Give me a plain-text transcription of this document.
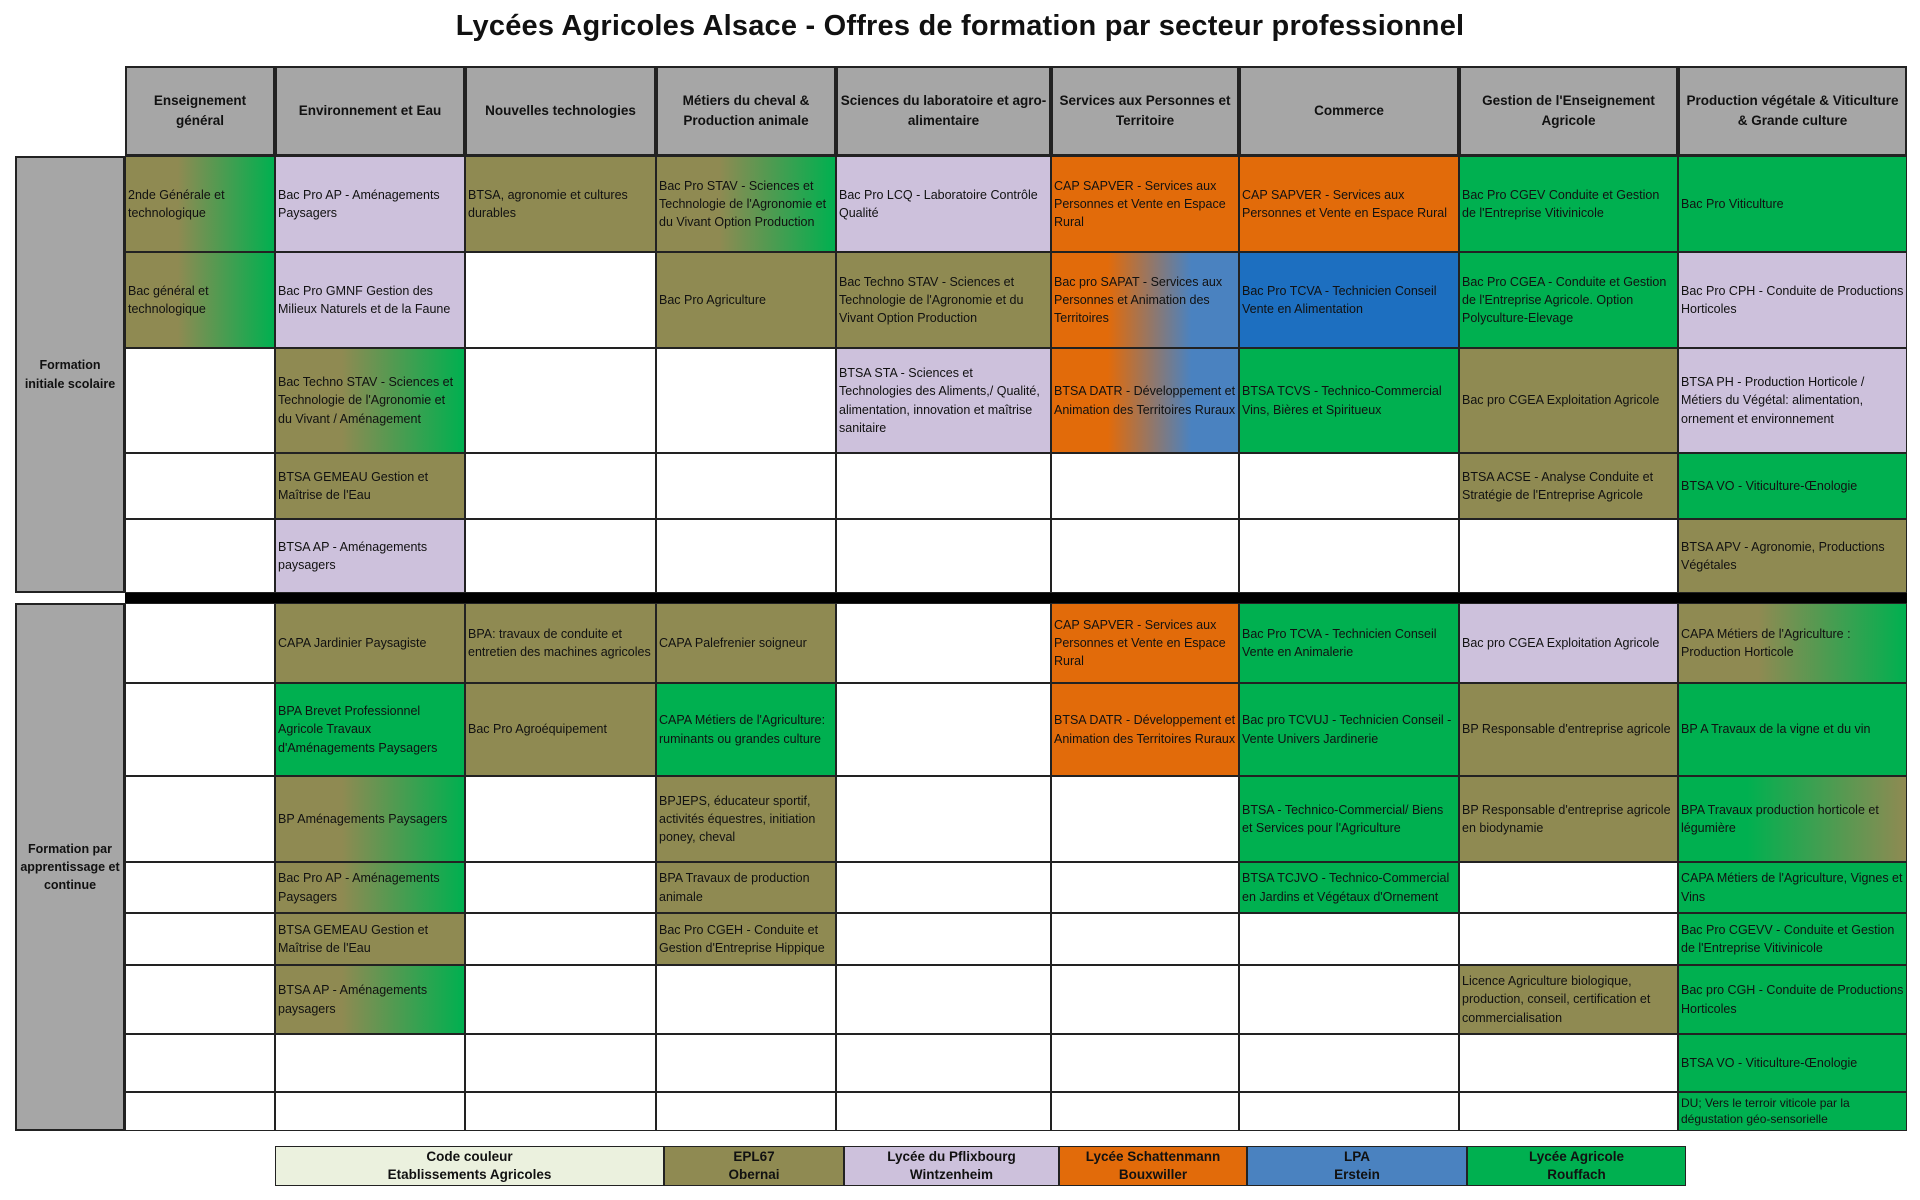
Lycées Agricoles Alsace - Offres de formation par secteur professionnel
Enseignement général
Environnement et Eau	Nouvelles technologies
Métiers du cheval & Production animale
Sciences du laboratoire et agro-alimentaire
Services aux Personnes et Territoire
Commerce
Gestion de l'Enseignement Agricole
Production végétale & Viticulture & Grande culture
Formation initiale scolaire
2nde Générale et technologique
Bac Pro AP - Aménagements Paysagers
BTSA, agronomie et cultures durables
Bac Pro STAV - Sciences et Technologie de l'Agronomie et du Vivant Option Production
Bac Pro LCQ - Laboratoire Contrôle Qualité
CAP SAPVER - Services aux Personnes et Vente en Espace Rural
CAP SAPVER - Services aux Personnes et Vente en Espace Rural
Bac Pro CGEV Conduite et Gestion de l'Entreprise Vitivinicole
Bac Pro Viticulture
Bac général et technologique
Bac Pro GMNF Gestion des Milieux Naturels et de la Faune
Bac Pro Agriculture
Bac Techno STAV - Sciences et Technologie de l'Agronomie et du Vivant Option Production
Bac pro SAPAT - Services aux Personnes et Animation des Territoires
Bac Pro TCVA - Technicien Conseil Vente en Alimentation
Bac Pro CGEA - Conduite et Gestion de l'Entreprise Agricole. Option Polyculture-Elevage
Bac Pro CPH - Conduite de Productions Horticoles
Bac Techno STAV - Sciences et Technologie de l'Agronomie et du Vivant / Aménagement
BTSA STA - Sciences et Technologies des Aliments,/ Qualité, alimentation, innovation et maîtrise sanitaire
BTSA DATR - Développement et Animation des Territoires Ruraux
BTSA TCVS - Technico-Commercial Vins, Bières et Spiritueux
Bac pro CGEA Exploitation Agricole
BTSA PH - Production Horticole / Métiers du Végétal: alimentation, ornement et environnement
BTSA GEMEAU Gestion et Maîtrise de l'Eau
BTSA ACSE - Analyse Conduite et Stratégie de l'Entreprise Agricole
BTSA VO - Viticulture-Œnologie
BTSA AP - Aménagements paysagers
BTSA APV - Agronomie, Productions Végétales
Formation par apprentissage et continue
CAPA Jardinier Paysagiste
BPA: travaux de conduite et entretien des machines agricoles
CAPA Palefrenier soigneur
CAP SAPVER - Services aux Personnes et Vente en Espace Rural
Bac Pro TCVA - Technicien Conseil Vente en Animalerie
Bac pro CGEA Exploitation Agricole
CAPA Métiers de l'Agriculture : Production Horticole
BPA Brevet Professionnel Agricole Travaux d'Aménagements Paysagers
Bac Pro Agroéquipement
CAPA Métiers de l'Agriculture: ruminants ou grandes culture
BTSA DATR - Développement et Animation des Territoires Ruraux
Bac pro TCVUJ - Technicien Conseil - Vente Univers Jardinerie
BP Responsable d'entreprise agricole BP A Travaux de la vigne et du vin
BP Aménagements Paysagers
BPJEPS, éducateur sportif, activités équestres, initiation poney, cheval
BTSA - Technico-Commercial/ Biens et Services pour l'Agriculture
BP Responsable d'entreprise agricole en biodynamie
BPA Travaux production horticole et légumière
Bac Pro AP - Aménagements Paysagers
BPA Travaux de production animale
BTSA TCJVO - Technico-Commercial en Jardins et Végétaux d'Ornement
CAPA Métiers de l'Agriculture, Vignes et Vins
BTSA GEMEAU Gestion et Maîtrise de l'Eau
Bac Pro CGEH - Conduite et Gestion d'Entreprise Hippique
Bac Pro CGEVV - Conduite et Gestion de l'Entreprise Vitivinicole
BTSA AP - Aménagements paysagers
Licence Agriculture biologique, production, conseil, certification et commercialisation
Bac pro CGH - Conduite de Productions Horticoles
BTSA VO - Viticulture-Œnologie
DU; Vers le terroir viticole par la dégustation géo-sensorielle
Code couleur
Etablissements Agricoles
EPL67
Obernai
Lycée du Pflixbourg
Wintzenheim
Lycée Schattenmann
Bouxwiller
LPA
Erstein
Lycée Agricole
Rouffach
